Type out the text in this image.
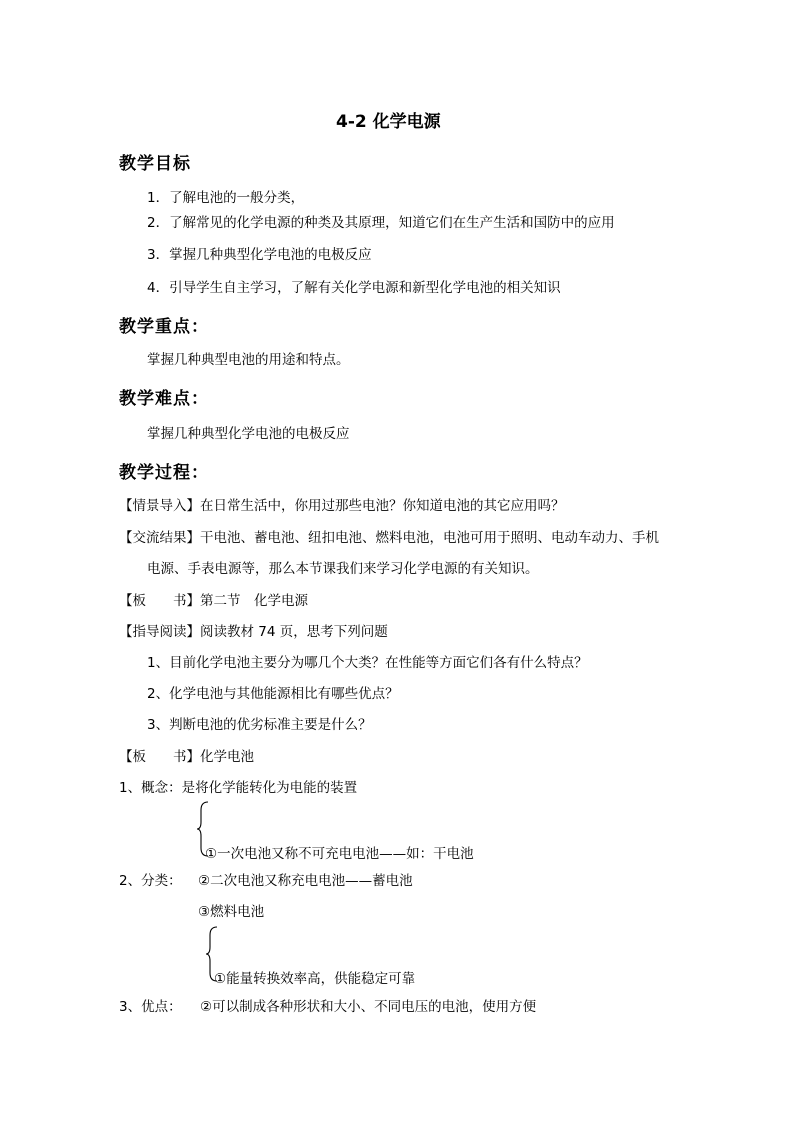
4-2 化学电源
教学目标
1．了解电池的一般分类，
2．了解常见的化学电源的种类及其原理，知道它们在生产生活和国防中的应用
3．掌握几种典型化学电池的电极反应
4．引导学生自主学习，了解有关化学电源和新型化学电池的相关知识
教学重点：
掌握几种典型电池的用途和特点。
教学难点：
掌握几种典型化学电池的电极反应
教学过程：
【情景导入】在日常生活中，你用过那些电池？你知道电池的其它应用吗？
【交流结果】干电池、蓄电池、纽扣电池、燃料电池，电池可用于照明、电动车动力、手机
电源、手表电源等，那么本节课我们来学习化学电源的有关知识。
【板　　书】第二节　化学电源
【指导阅读】阅读教材 74 页，思考下列问题
1、目前化学电池主要分为哪几个大类？在性能等方面它们各有什么特点？
2、化学电池与其他能源相比有哪些优点？
3、判断电池的优劣标准主要是什么？
【板　　书】化学电池
1、概念：是将化学能转化为电能的装置
①一次电池又称不可充电电池——如：干电池
2、分类： ②二次电池又称充电电池——蓄电池
③燃料电池
①能量转换效率高，供能稳定可靠
3、优点： ②可以制成各种形状和大小、不同电压的电池，使用方便
